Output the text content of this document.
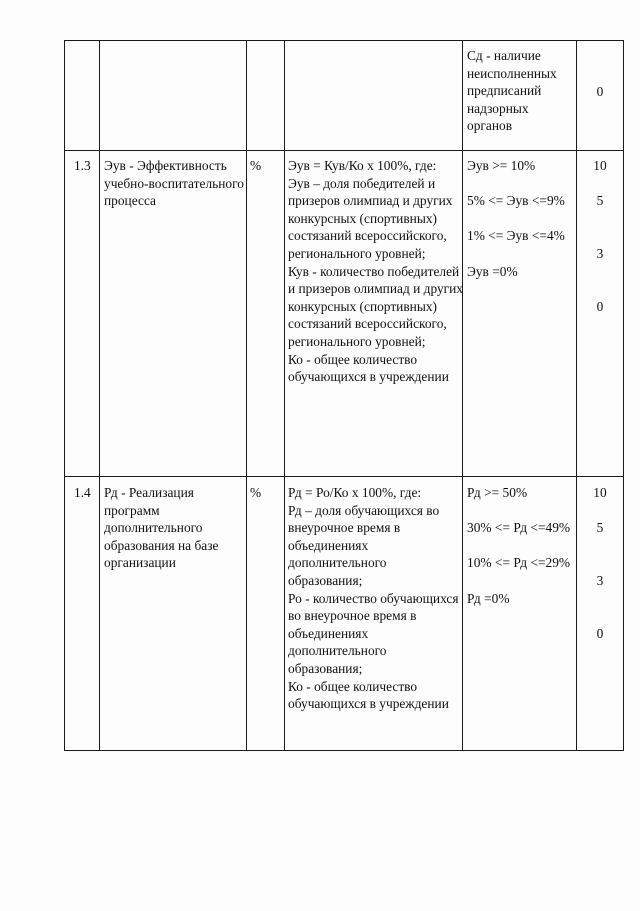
Сд - наличие неисполненных предписаний надзорных органов
0
1.3 Эув - Эффективность учебно-воспитательного процесса
%	Эув = Кув/Ко x 100%, где:
Эув – доля победителей и призеров олимпиад и других конкурсных (спортивных) состязаний всероссийского, регионального уровней;
Кув - количество победителей и призеров олимпиад и других конкурсных (спортивных) состязаний всероссийского, регионального уровней;
Ко - общее количество обучающихся в учреждении
Эув >= 10%
5% <= Эув <=9%
1% <= Эув <=4%
Эув =0%
10
5
3
0
1.4 Рд - Реализация программ дополнительного образования на базе организации
%	Рд = Ро/Ко x 100%, где:
Рд – доля обучающихся во внеурочное время в объединениях дополнительного образования;
Ро - количество обучающихся во внеурочное время в объединениях дополнительного образования;
Ко - общее количество обучающихся в учреждении
Рд >= 50%
30% <= Рд <=49%
10% <= Рд <=29%
Рд =0%
10
5
3
0
